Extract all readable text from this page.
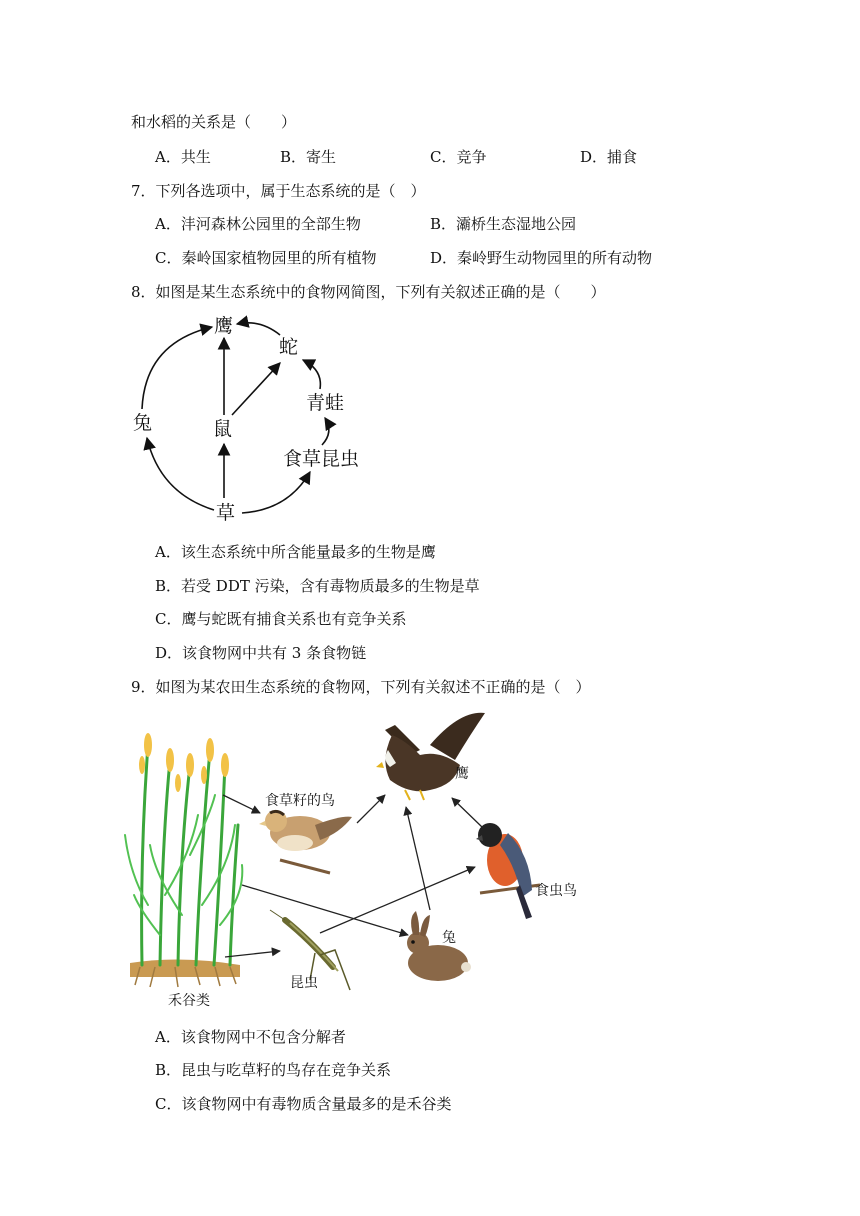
和水稻的关系是（　　）
A．共生	B．寄生	C．竞争	D．捕食
7．下列各选项中，属于生态系统的是（　）
A．沣河森林公园里的全部生物	B．灞桥生态湿地公园
C．秦岭国家植物园里的所有植物	D．秦岭野生动物园里的所有动物
8．如图是某生态系统中的食物网简图，下列有关叙述正确的是（　　）
鹰
蛇
兔	鼠
青蛙
食草昆虫
草
A．该生态系统中所含能量最多的生物是鹰
B．若受 DDT 污染，含有毒物质最多的生物是草
C．鹰与蛇既有捕食关系也有竞争关系
D．该食物网中共有 3 条食物链
9．如图为某农田生态系统的食物网，下列有关叙述不正确的是（　）
禾谷类
鹰
食草籽的鸟
食虫鸟
兔
昆虫
A．该食物网中不包含分解者
B．昆虫与吃草籽的鸟存在竞争关系
C．该食物网中有毒物质含量最多的是禾谷类
